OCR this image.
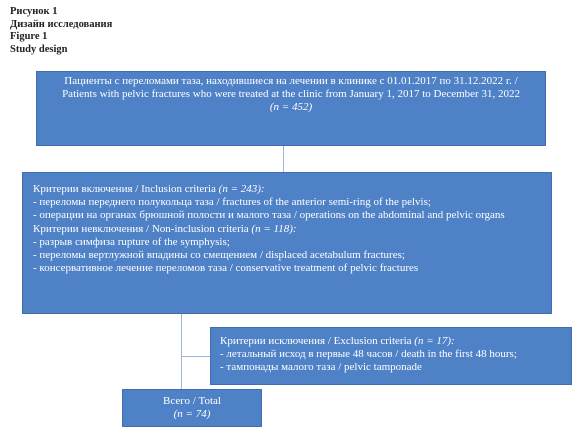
Рисунок 1
Дизайн исследования
Figure 1
Study design
Пациенты с переломами таза, находившиеся на лечении в клинике с 01.01.2017 по 31.12.2022 г. / Patients with pelvic fractures who were treated at the clinic from January 1, 2017 to December 31, 2022
(n = 452)
Критерии включения / Inclusion criteria (n = 243):
- переломы переднего полукольца таза / fractures of the anterior semi-ring of the pelvis;
- операции на органах брюшной полости и малого таза / operations on the abdominal and pelvic organs
Критерии невключения / Non-inclusion criteria (n = 118):
- разрыв симфиза rupture of the symphysis;
- переломы вертлужной впадины со смещением / displaced acetabulum fractures;
- консервативное лечение переломов таза / conservative treatment of pelvic fractures
Критерии исключения / Exclusion criteria (n = 17):
- летальный исход в первые 48 часов / death in the first 48 hours;
- тампонады малого таза / pelvic tamponade
Всего / Total
(n = 74)
